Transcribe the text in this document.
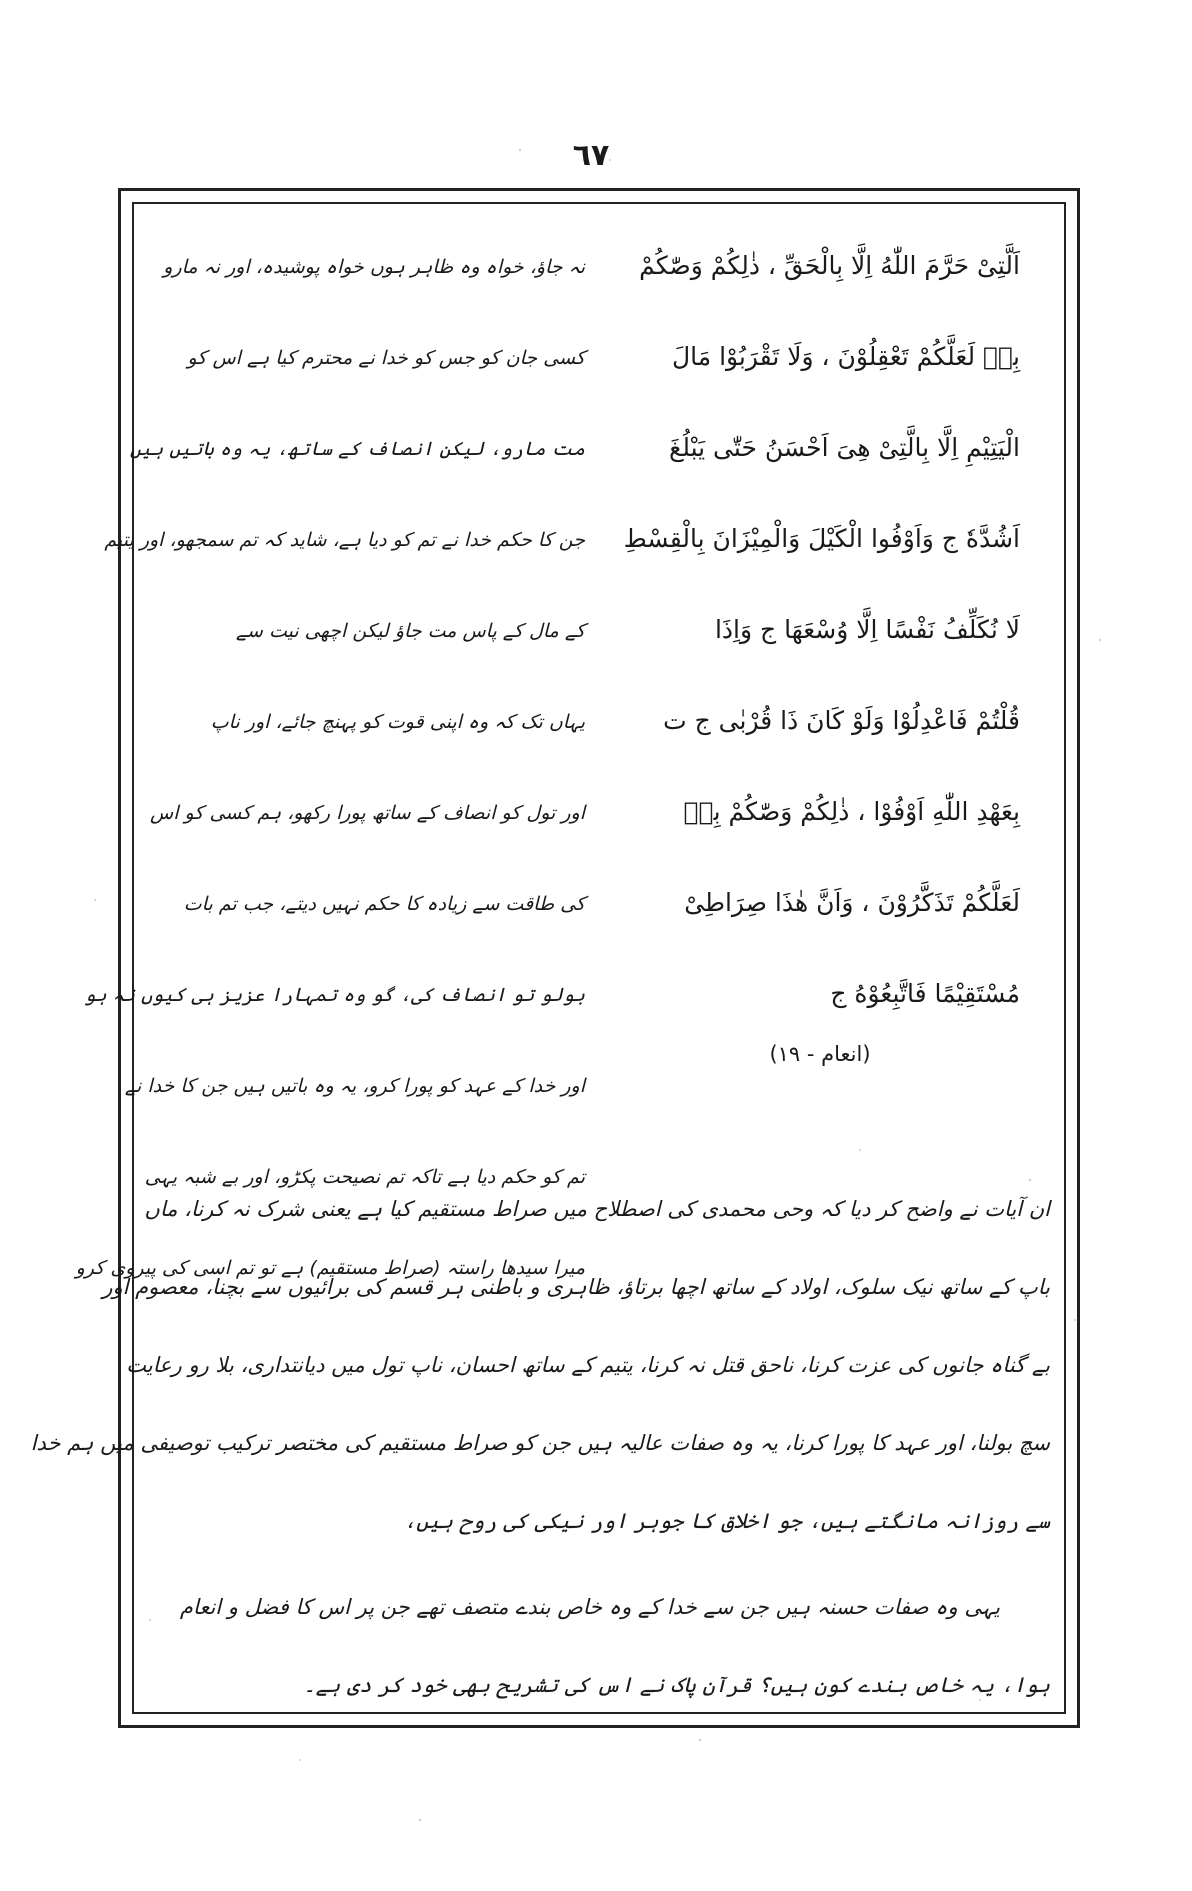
٦٧
اَلَّتِیْ حَرَّمَ اللّٰهُ اِلَّا بِالْحَقِّ ، ذٰلِكُمْ وَصّٰكُمْ
بِهٖ لَعَلَّكُمْ تَعْقِلُوْنَ ، وَلَا تَقْرَبُوْا مَالَ
الْیَتِیْمِ اِلَّا بِالَّتِیْ هِیَ اَحْسَنُ حَتّٰی یَبْلُغَ
اَشُدَّهٗ ج وَاَوْفُوا الْكَیْلَ وَالْمِیْزَانَ بِالْقِسْطِ
لَا نُكَلِّفُ نَفْسًا اِلَّا وُسْعَهَا ج وَاِذَا
قُلْتُمْ فَاعْدِلُوْا وَلَوْ كَانَ ذَا قُرْبٰی ج ت
بِعَهْدِ اللّٰهِ اَوْفُوْا ، ذٰلِكُمْ وَصّٰكُمْ بِهٖ
لَعَلَّكُمْ تَذَكَّرُوْنَ ، وَاَنَّ هٰذَا صِرَاطِیْ
مُسْتَقِیْمًا فَاتَّبِعُوْهُ ج
نہ جاؤ، خواہ وہ ظاہر ہوں خواہ پوشیدہ، اور نہ مارو
کسی جان کو جس کو خدا نے محترم کیا ہے اس کو
مت مارو، لیکن انصاف کے ساتھ، یہ وہ باتیں ہیں
جن کا حکم خدا نے تم کو دیا ہے، شاید کہ تم سمجھو، اور یتیم
کے مال کے پاس مت جاؤ لیکن اچھی نیت سے
یہاں تک کہ وہ اپنی قوت کو پہنچ جائے، اور ناپ
اور تول کو انصاف کے ساتھ پورا رکھو، ہم کسی کو اس
کی طاقت سے زیادہ کا حکم نہیں دیتے، جب تم بات
بولو تو انصاف کی، گو وہ تمہارا عزیز ہی کیوں نہ ہو
اور خدا کے عہد کو پورا کرو، یہ وہ باتیں ہیں جن کا خدا نے
تم کو حکم دیا ہے تاکہ تم نصیحت پکڑو، اور بے شبہ یہی
میرا سیدھا راستہ (صراط مستقیم) ہے تو تم اسی کی پیروی کرو
(انعام - ١٩)
ان آیات نے واضح کر دیا کہ وحی محمدی کی اصطلاح میں صراط مستقیم کیا ہے یعنی شرک نہ کرنا، ماں
باپ کے ساتھ نیک سلوک، اولاد کے ساتھ اچھا برتاؤ، ظاہری و باطنی ہر قسم کی برائیوں سے بچنا، معصوم اور
بے گناہ جانوں کی عزت کرنا، ناحق قتل نہ کرنا، یتیم کے ساتھ احسان، ناپ تول میں دیانتداری، بلا رو رعایت
سچ بولنا، اور عہد کا پورا کرنا، یہ وہ صفات عالیہ ہیں جن کو صراط مستقیم کی مختصر ترکیب توصیفی میں ہم خدا
سے روزانہ مانگتے ہیں، جو اخلاق کا جوہر اور نیکی کی روح ہیں،
یہی وہ صفات حسنہ ہیں جن سے خدا کے وہ خاص بندے متصف تھے جن پر اس کا فضل و انعام
ہوا، یہ خاص بندے کون ہیں؟ قرآن پاک نے اس کی تشریح بھی خود کر دی ہے۔
